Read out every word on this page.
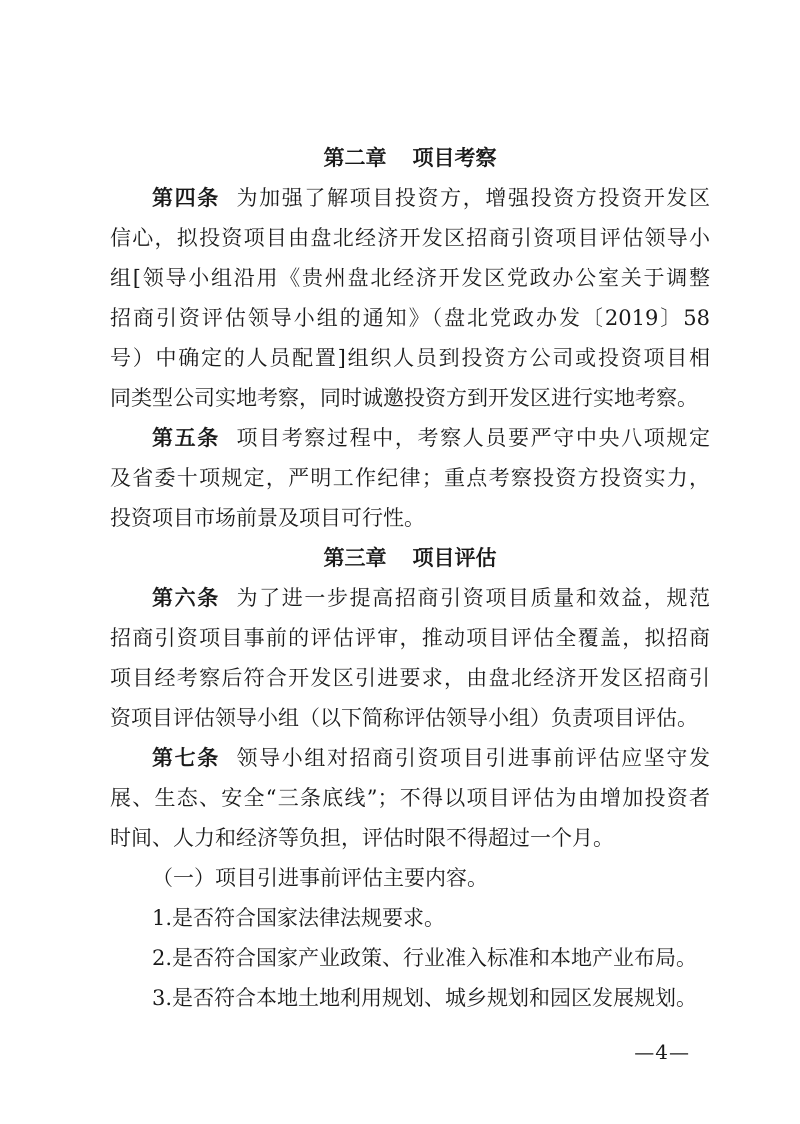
第二章 项目考察
第四条 为加强了解项目投资方，增强投资方投资开发区
信心，拟投资项目由盘北经济开发区招商引资项目评估领导小
组[领导小组沿用《贵州盘北经济开发区党政办公室关于调整
招商引资评估领导小组的通知》（盘北党政办发〔2019〕58
号）中确定的人员配置]组织人员到投资方公司或投资项目相
同类型公司实地考察，同时诚邀投资方到开发区进行实地考察。
第五条 项目考察过程中，考察人员要严守中央八项规定
及省委十项规定，严明工作纪律；重点考察投资方投资实力，
投资项目市场前景及项目可行性。
第三章 项目评估
第六条 为了进一步提高招商引资项目质量和效益，规范
招商引资项目事前的评估评审，推动项目评估全覆盖，拟招商
项目经考察后符合开发区引进要求，由盘北经济开发区招商引
资项目评估领导小组（以下简称评估领导小组）负责项目评估。
第七条 领导小组对招商引资项目引进事前评估应坚守发
展、生态、安全“三条底线”；不得以项目评估为由增加投资者
时间、人力和经济等负担，评估时限不得超过一个月。
（一）项目引进事前评估主要内容。
1.是否符合国家法律法规要求。
2.是否符合国家产业政策、行业准入标准和本地产业布局。
3.是否符合本地土地利用规划、城乡规划和园区发展规划。
—4—
